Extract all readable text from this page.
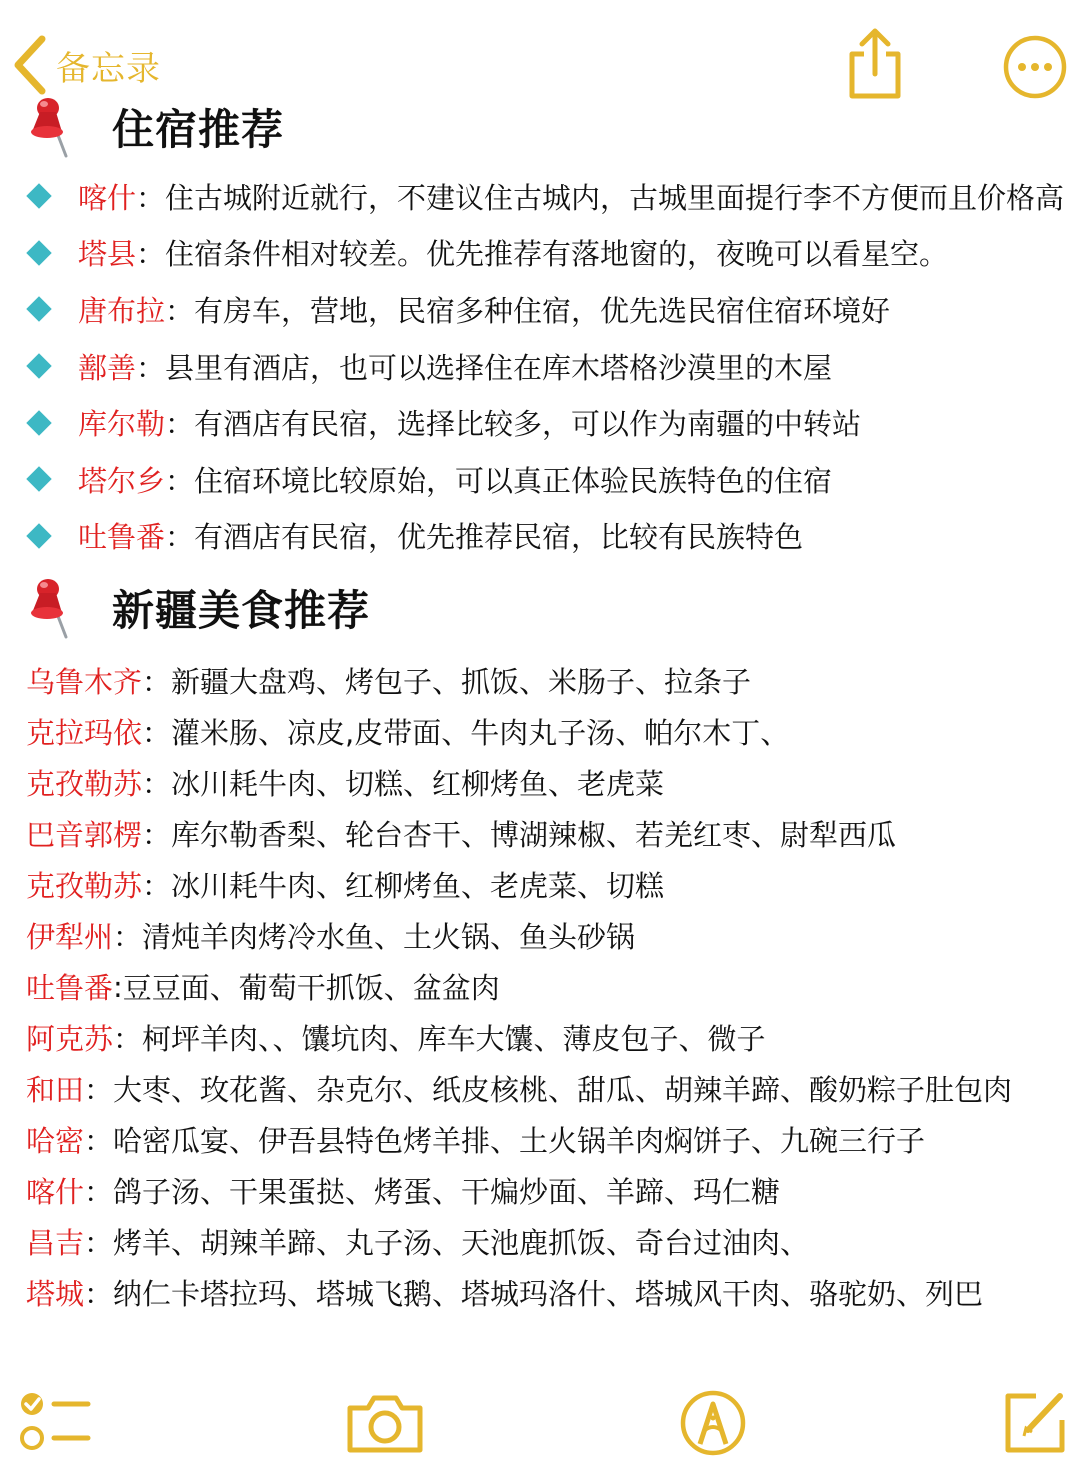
备忘录
住宿推荐
喀什 ： 住古城附近就行，不建议住古城内，古城里面提行李不方便而且价格高
塔县 ： 住宿条件相对较差。优先推荐有落地窗的，夜晚可以看星空。
唐布拉 ： 有房车，营地，民宿多种住宿，优先选民宿住宿环境好
鄯善 ： 县里有酒店，也可以选择住在库木塔格沙漠里的木屋
库尔勒 ： 有酒店有民宿，选择比较多，可以作为南疆的中转站
塔尔乡 ： 住宿环境比较原始，可以真正体验民族特色的住宿
吐鲁番 ： 有酒店有民宿，优先推荐民宿，比较有民族特色
新疆美食推荐
乌鲁木齐 ： 新疆大盘鸡、烤包子、抓饭、米肠子、拉条子
克拉玛依 ： 灌米肠、凉皮,皮带面、牛肉丸子汤、帕尔木丁、
克孜勒苏 ： 冰川耗牛肉、切糕、红柳烤鱼、老虎菜
巴音郭楞 ： 库尔勒香梨、轮台杏干、博湖辣椒、若羌红枣、尉犁西瓜
克孜勒苏 ： 冰川耗牛肉、红柳烤鱼、老虎菜、切糕
伊犁州 ： 清炖羊肉烤冷水鱼、土火锅、鱼头砂锅
吐鲁番 : 豆豆面、葡萄干抓饭、盆盆肉
阿克苏 ： 柯坪羊肉、、馕坑肉、库车大馕、薄皮包子、微子
和田 ： 大枣、玫花酱、杂克尔、纸皮核桃、甜瓜、胡辣羊蹄、酸奶粽子肚包肉
哈密 ： 哈密瓜宴、伊吾县特色烤羊排、土火锅羊肉焖饼子、九碗三行子
喀什 ： 鸽子汤、干果蛋挞、烤蛋、干煸炒面、羊蹄、玛仁糖
昌吉 ： 烤羊、胡辣羊蹄、丸子汤、天池鹿抓饭、奇台过油肉、
塔城 ： 纳仁卡塔拉玛、塔城飞鹅、塔城玛洛什、塔城风干肉、骆驼奶、列巴
